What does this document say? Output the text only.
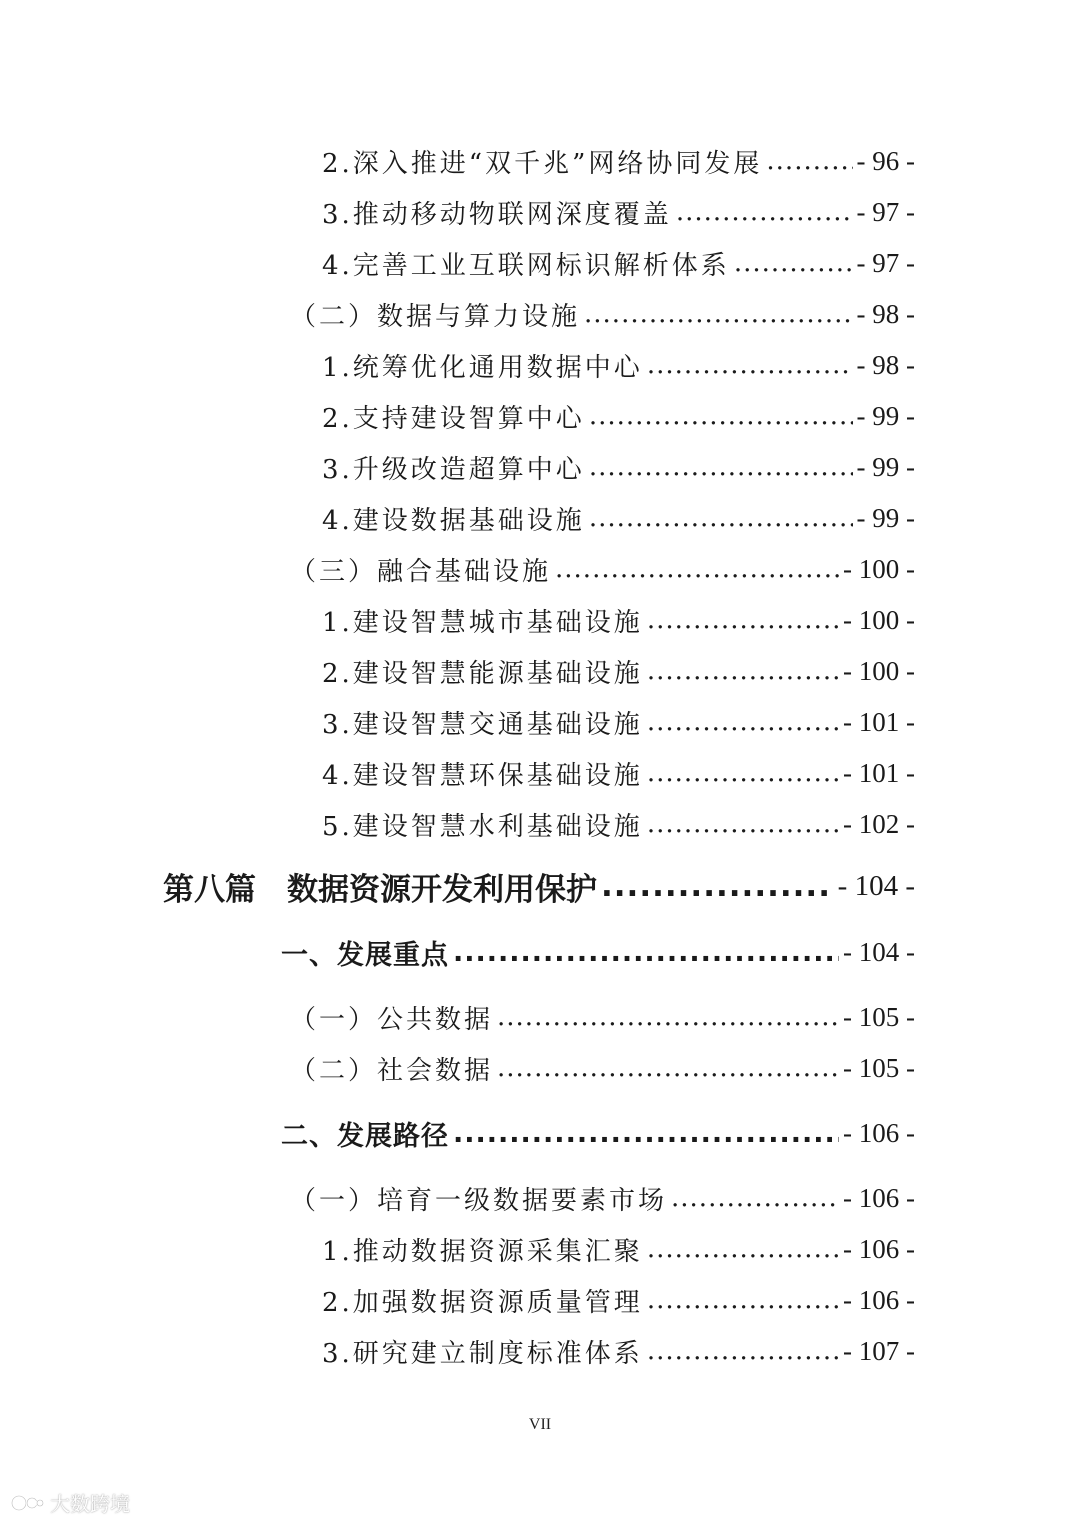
2.深入推进“双千兆”网络协同发展 .....	- 96 -
3.推动移动物联网深度覆盖 .....	- 97 -
4.完善工业互联网标识解析体系 .....	- 97 -
（二）数据与算力设施 .....	- 98 -
1.统筹优化通用数据中心 .....	- 98 -
2.支持建设智算中心 .....	- 99 -
3.升级改造超算中心 .....	- 99 -
4.建设数据基础设施 .....	- 99 -
（三）融合基础设施 .....	- 100 -
1.建设智慧城市基础设施 .....	- 100 -
2.建设智慧能源基础设施 .....	- 100 -
3.建设智慧交通基础设施 .....	- 101 -
4.建设智慧环保基础设施 .....	- 101 -
5.建设智慧水利基础设施 .....	- 102 -
第八篇　数据资源开发利用保护 .....	- 104 -
一、发展重点 .....	- 104 -
（一）公共数据 .....	- 105 -
（二）社会数据 .....	- 105 -
二、发展路径 .....	- 106 -
（一）培育一级数据要素市场 .....	- 106 -
1.推动数据资源采集汇聚 .....	- 106 -
2.加强数据资源质量管理 .....	- 106 -
3.研究建立制度标准体系 .....	- 107 -
VII
大数跨境
